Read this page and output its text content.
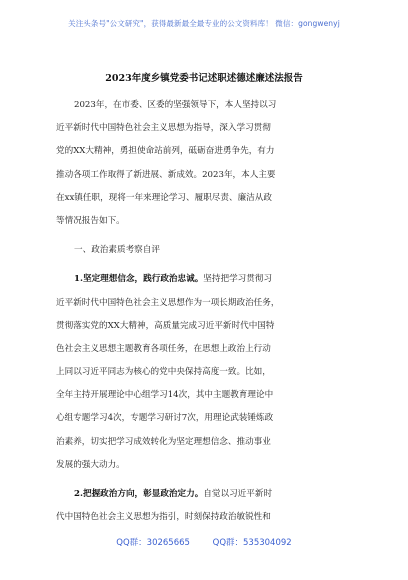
关注头条号"公文研究"，获得最新最全最专业的公文资料库！ 微信：gongwenyj
2023年度乡镇党委书记述职述德述廉述法报告
2023年，在市委、区委的坚强领导下，本人坚持以习
近平新时代中国特色社会主义思想为指导，深入学习贯彻
党的XX大精神，勇担使命站前列，砥砺奋进勇争先，有力
推动各项工作取得了新进展、新成效。2023年，本人主要
在xx镇任职，现将一年来理论学习、履职尽责、廉洁从政
等情况报告如下。
一、政治素质考察自评
1.坚定理想信念，践行政治忠诚。坚持把学习贯彻习
近平新时代中国特色社会主义思想作为一项长期政治任务，
贯彻落实党的XX大精神，高质量完成习近平新时代中国特
色社会主义思想主题教育各项任务，在思想上政治上行动
上同以习近平同志为核心的党中央保持高度一致。比如，
全年主持开展理论中心组学习14次，其中主题教育理论中
心组专题学习4次，专题学习研讨7次，用理论武装锤炼政
治素养，切实把学习成效转化为坚定理想信念、推动事业
发展的强大动力。
2.把握政治方向，彰显政治定力。自觉以习近平新时
代中国特色社会主义思想为指引，时刻保持政治敏锐性和
QQ群：30265665	QQ群：535304092
